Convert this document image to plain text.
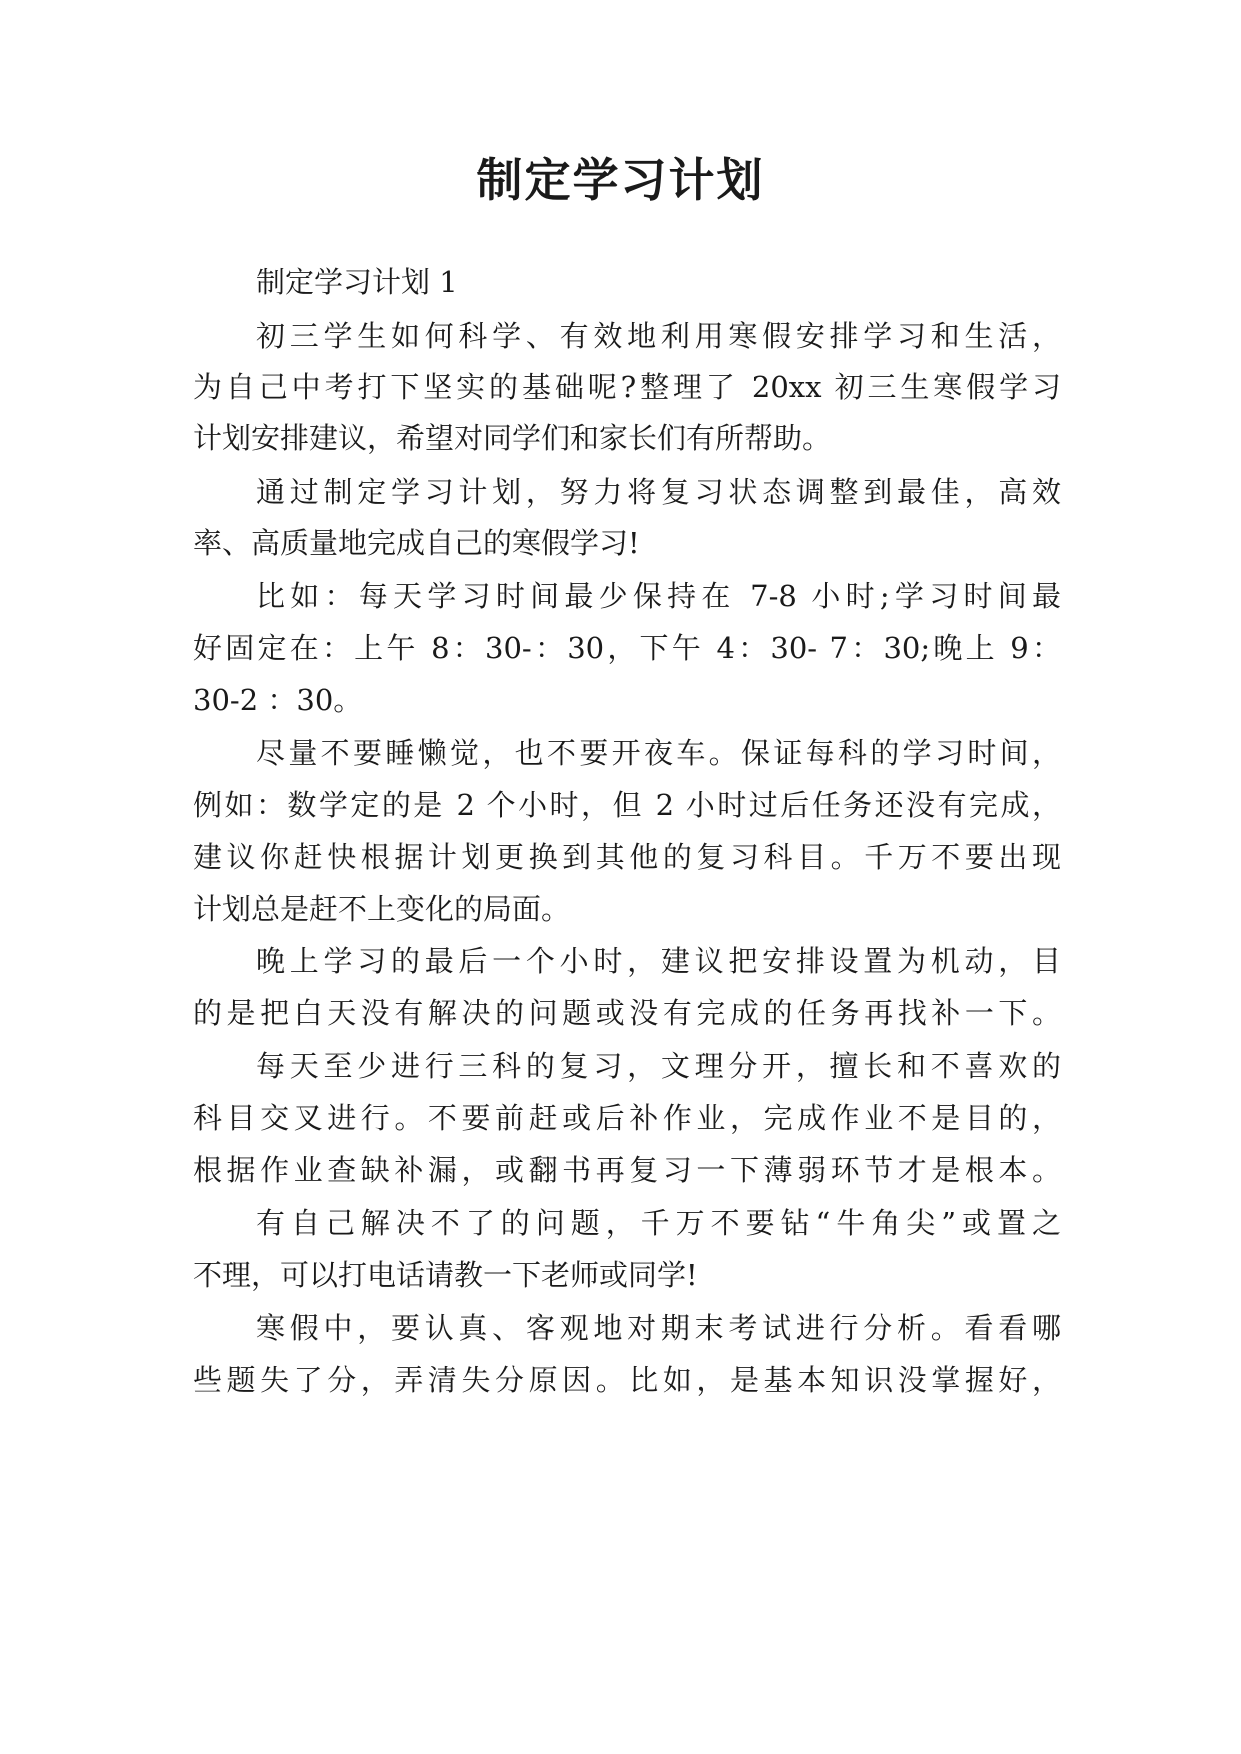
制定学习计划
制定学习计划 1
初三学生如何科学、有效地利用寒假安排学习和生活，
为自己中考打下坚实的基础呢?整理了 20xx 初三生寒假学习
计划安排建议，希望对同学们和家长们有所帮助。
通过制定学习计划，努力将复习状态调整到最佳，高效
率、高质量地完成自己的寒假学习!
比如：每天学习时间最少保持在 7-8 小时;学习时间最
好固定在：上午 8：30-：30，下午 4：30- 7：30;晚上 9：
30-2 ：30。
尽量不要睡懒觉，也不要开夜车。保证每科的学习时间，
例如：数学定的是 2 个小时，但 2 小时过后任务还没有完成，
建议你赶快根据计划更换到其他的复习科目。千万不要出现
计划总是赶不上变化的局面。
晚上学习的最后一个小时，建议把安排设置为机动，目
的是把白天没有解决的问题或没有完成的任务再找补一下。
每天至少进行三科的复习，文理分开，擅长和不喜欢的
科目交叉进行。不要前赶或后补作业，完成作业不是目的，
根据作业查缺补漏，或翻书再复习一下薄弱环节才是根本。
有自己解决不了的问题，千万不要钻“牛角尖”或置之
不理，可以打电话请教一下老师或同学!
寒假中，要认真、客观地对期末考试进行分析。看看哪
些题失了分，弄清失分原因。比如，是基本知识没掌握好，
